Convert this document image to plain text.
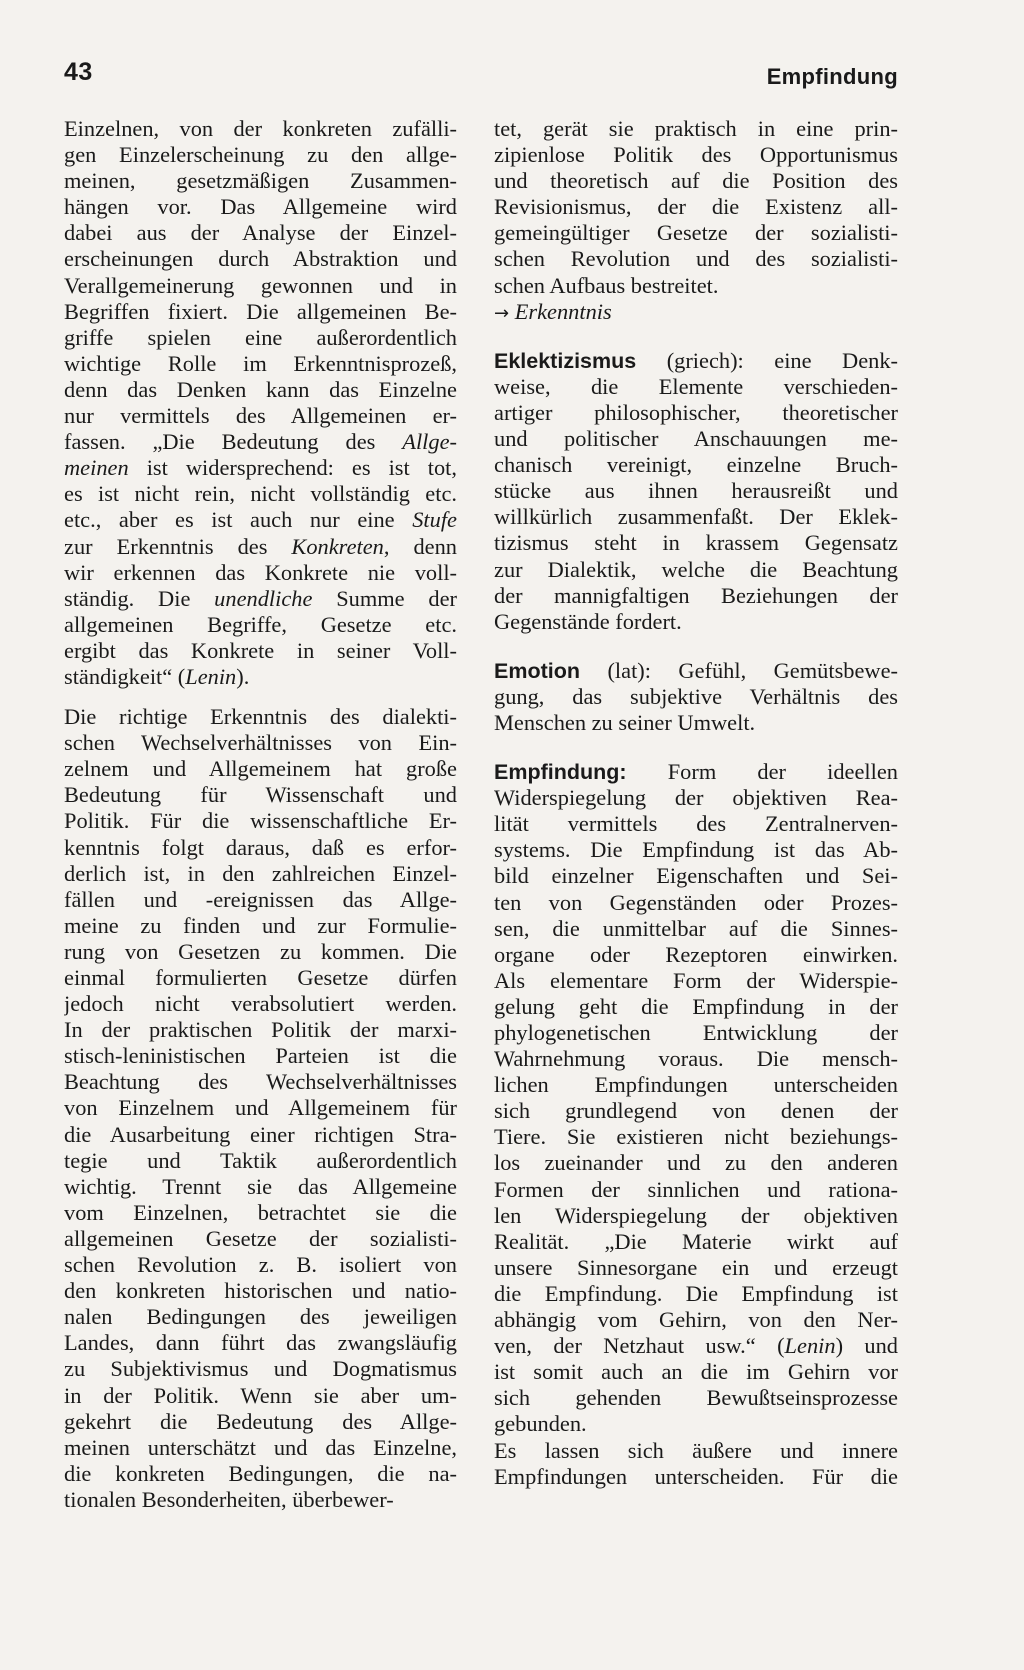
43	Empfindung
Einzelnen, von der konkreten zufälli-
gen Einzelerscheinung zu den allge-
meinen, gesetzmäßigen Zusammen-
hängen vor. Das Allgemeine wird
dabei aus der Analyse der Einzel-
erscheinungen durch Abstraktion und
Verallgemeinerung gewonnen und in
Begriffen fixiert. Die allgemeinen Be-
griffe spielen eine außerordentlich
wichtige Rolle im Erkenntnisprozeß,
denn das Denken kann das Einzelne
nur vermittels des Allgemeinen er-
fassen. „Die Bedeutung des Allge-
meinen ist widersprechend: es ist tot,
es ist nicht rein, nicht vollständig etc.
etc., aber es ist auch nur eine Stufe
zur Erkenntnis des Konkreten, denn
wir erkennen das Konkrete nie voll-
ständig. Die unendliche Summe der
allgemeinen Begriffe, Gesetze etc.
ergibt das Konkrete in seiner Voll-
ständigkeit“ (Lenin).
Die richtige Erkenntnis des dialekti-
schen Wechselverhältnisses von Ein-
zelnem und Allgemeinem hat große
Bedeutung für Wissenschaft und
Politik. Für die wissenschaftliche Er-
kenntnis folgt daraus, daß es erfor-
derlich ist, in den zahlreichen Einzel-
fällen und -ereignissen das Allge-
meine zu finden und zur Formulie-
rung von Gesetzen zu kommen. Die
einmal formulierten Gesetze dürfen
jedoch nicht verabsolutiert werden.
In der praktischen Politik der marxi-
stisch-leninistischen Parteien ist die
Beachtung des Wechselverhältnisses
von Einzelnem und Allgemeinem für
die Ausarbeitung einer richtigen Stra-
tegie und Taktik außerordentlich
wichtig. Trennt sie das Allgemeine
vom Einzelnen, betrachtet sie die
allgemeinen Gesetze der sozialisti-
schen Revolution z. B. isoliert von
den konkreten historischen und natio-
nalen Bedingungen des jeweiligen
Landes, dann führt das zwangsläufig
zu Subjektivismus und Dogmatismus
in der Politik. Wenn sie aber um-
gekehrt die Bedeutung des Allge-
meinen unterschätzt und das Einzelne,
die konkreten Bedingungen, die na-
tionalen Besonderheiten, überbewer-
tet, gerät sie praktisch in eine prin-
zipienlose Politik des Opportunismus
und theoretisch auf die Position des
Revisionismus, der die Existenz all-
gemeingültiger Gesetze der sozialisti-
schen Revolution und des sozialisti-
schen Aufbaus bestreitet.
→ Erkenntnis
Eklektizismus (griech): eine Denk-
weise, die Elemente verschieden-
artiger philosophischer, theoretischer
und politischer Anschauungen me-
chanisch vereinigt, einzelne Bruch-
stücke aus ihnen herausreißt und
willkürlich zusammenfaßt. Der Eklek-
tizismus steht in krassem Gegensatz
zur Dialektik, welche die Beachtung
der mannigfaltigen Beziehungen der
Gegenstände fordert.
Emotion (lat): Gefühl, Gemütsbewe-
gung, das subjektive Verhältnis des
Menschen zu seiner Umwelt.
Empfindung: Form der ideellen
Widerspiegelung der objektiven Rea-
lität vermittels des Zentralnerven-
systems. Die Empfindung ist das Ab-
bild einzelner Eigenschaften und Sei-
ten von Gegenständen oder Prozes-
sen, die unmittelbar auf die Sinnes-
organe oder Rezeptoren einwirken.
Als elementare Form der Widerspie-
gelung geht die Empfindung in der
phylogenetischen Entwicklung der
Wahrnehmung voraus. Die mensch-
lichen Empfindungen unterscheiden
sich grundlegend von denen der
Tiere. Sie existieren nicht beziehungs-
los zueinander und zu den anderen
Formen der sinnlichen und rationa-
len Widerspiegelung der objektiven
Realität. „Die Materie wirkt auf
unsere Sinnesorgane ein und erzeugt
die Empfindung. Die Empfindung ist
abhängig vom Gehirn, von den Ner-
ven, der Netzhaut usw.“ (Lenin) und
ist somit auch an die im Gehirn vor
sich gehenden Bewußtseinsprozesse
gebunden.
Es lassen sich äußere und innere
Empfindungen unterscheiden. Für die
